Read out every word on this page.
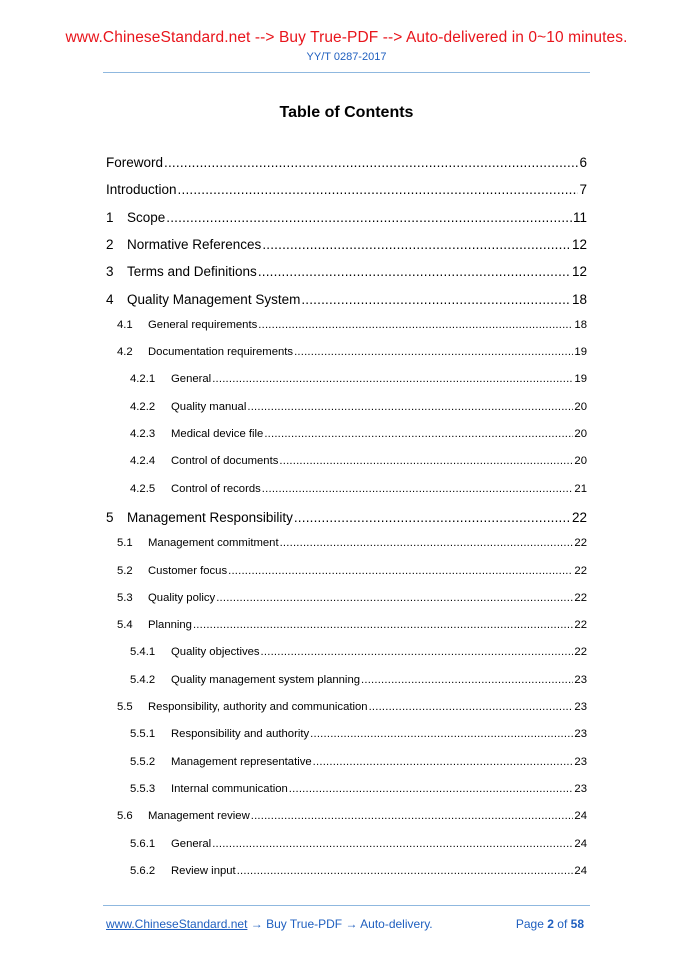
www.ChineseStandard.net --> Buy True-PDF --> Auto-delivered in 0~10 minutes.
YY/T 0287-2017
Table of Contents
Foreword .....	6
Introduction .....	7
1 Scope .....	11
2 Normative References .....	12
3 Terms and Definitions .....	12
4 Quality Management System .....	18
4.1	General requirements .....	18
4.2	Documentation requirements .....	19
4.2.1	General .....	19
4.2.2	Quality manual .....	20
4.2.3	Medical device file .....	20
4.2.4	Control of documents .....	20
4.2.5	Control of records .....	21
5 Management Responsibility .....	22
5.1	Management commitment .....	22
5.2	Customer focus .....	22
5.3	Quality policy .....	22
5.4	Planning .....	22
5.4.1	Quality objectives .....	22
5.4.2	Quality management system planning .....	23
5.5	Responsibility, authority and communication .....	23
5.5.1	Responsibility and authority .....	23
5.5.2	Management representative .....	23
5.5.3	Internal communication .....	23
5.6	Management review .....	24
5.6.1	General .....	24
5.6.2	Review input .....	24
www.ChineseStandard.net → Buy True-PDF → Auto-delivery.	Page 2 of 58
